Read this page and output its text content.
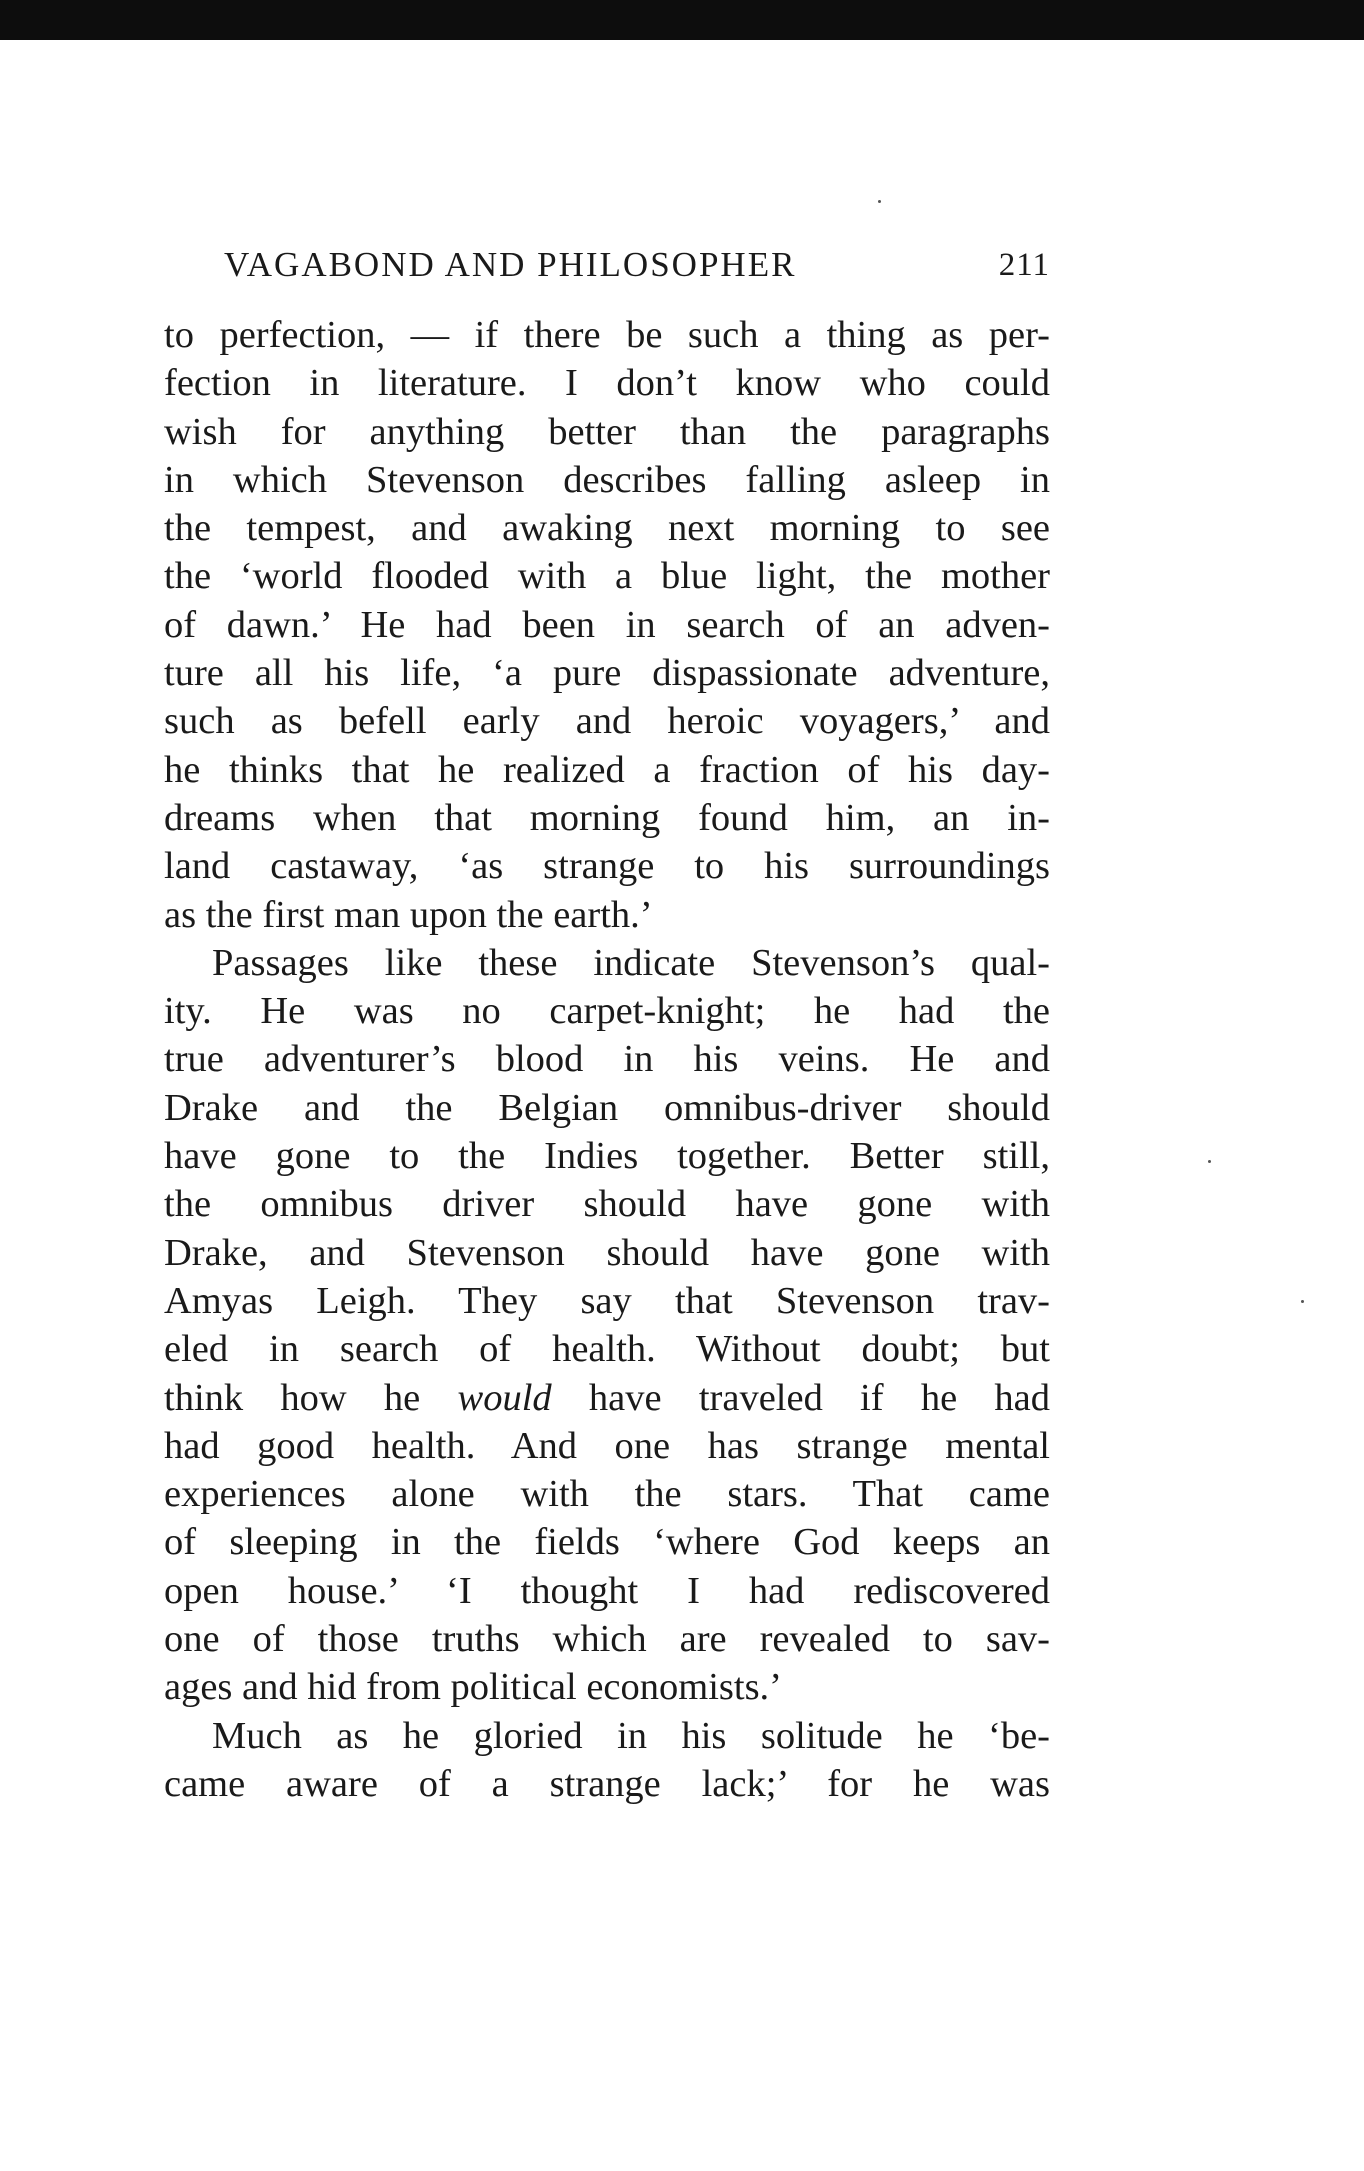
VAGABOND AND PHILOSOPHER	211
to perfection, — if there be such a thing as per-
fection in literature. I don’t know who could
wish for anything better than the paragraphs
in which Stevenson describes falling asleep in
the tempest, and awaking next morning to see
the ‘world flooded with a blue light, the mother
of dawn.’ He had been in search of an adven-
ture all his life, ‘a pure dispassionate adventure,
such as befell early and heroic voyagers,’ and
he thinks that he realized a fraction of his day-
dreams when that morning found him, an in-
land castaway, ‘as strange to his surroundings
as the first man upon the earth.’
Passages like these indicate Stevenson’s qual-
ity. He was no carpet-knight; he had the
true adventurer’s blood in his veins. He and
Drake and the Belgian omnibus-driver should
have gone to the Indies together. Better still,
the omnibus driver should have gone with
Drake, and Stevenson should have gone with
Amyas Leigh. They say that Stevenson trav-
eled in search of health. Without doubt; but
think how he would have traveled if he had
had good health. And one has strange mental
experiences alone with the stars. That came
of sleeping in the fields ‘where God keeps an
open house.’ ‘I thought I had rediscovered
one of those truths which are revealed to sav-
ages and hid from political economists.’
Much as he gloried in his solitude he ‘be-
came aware of a strange lack;’ for he was
